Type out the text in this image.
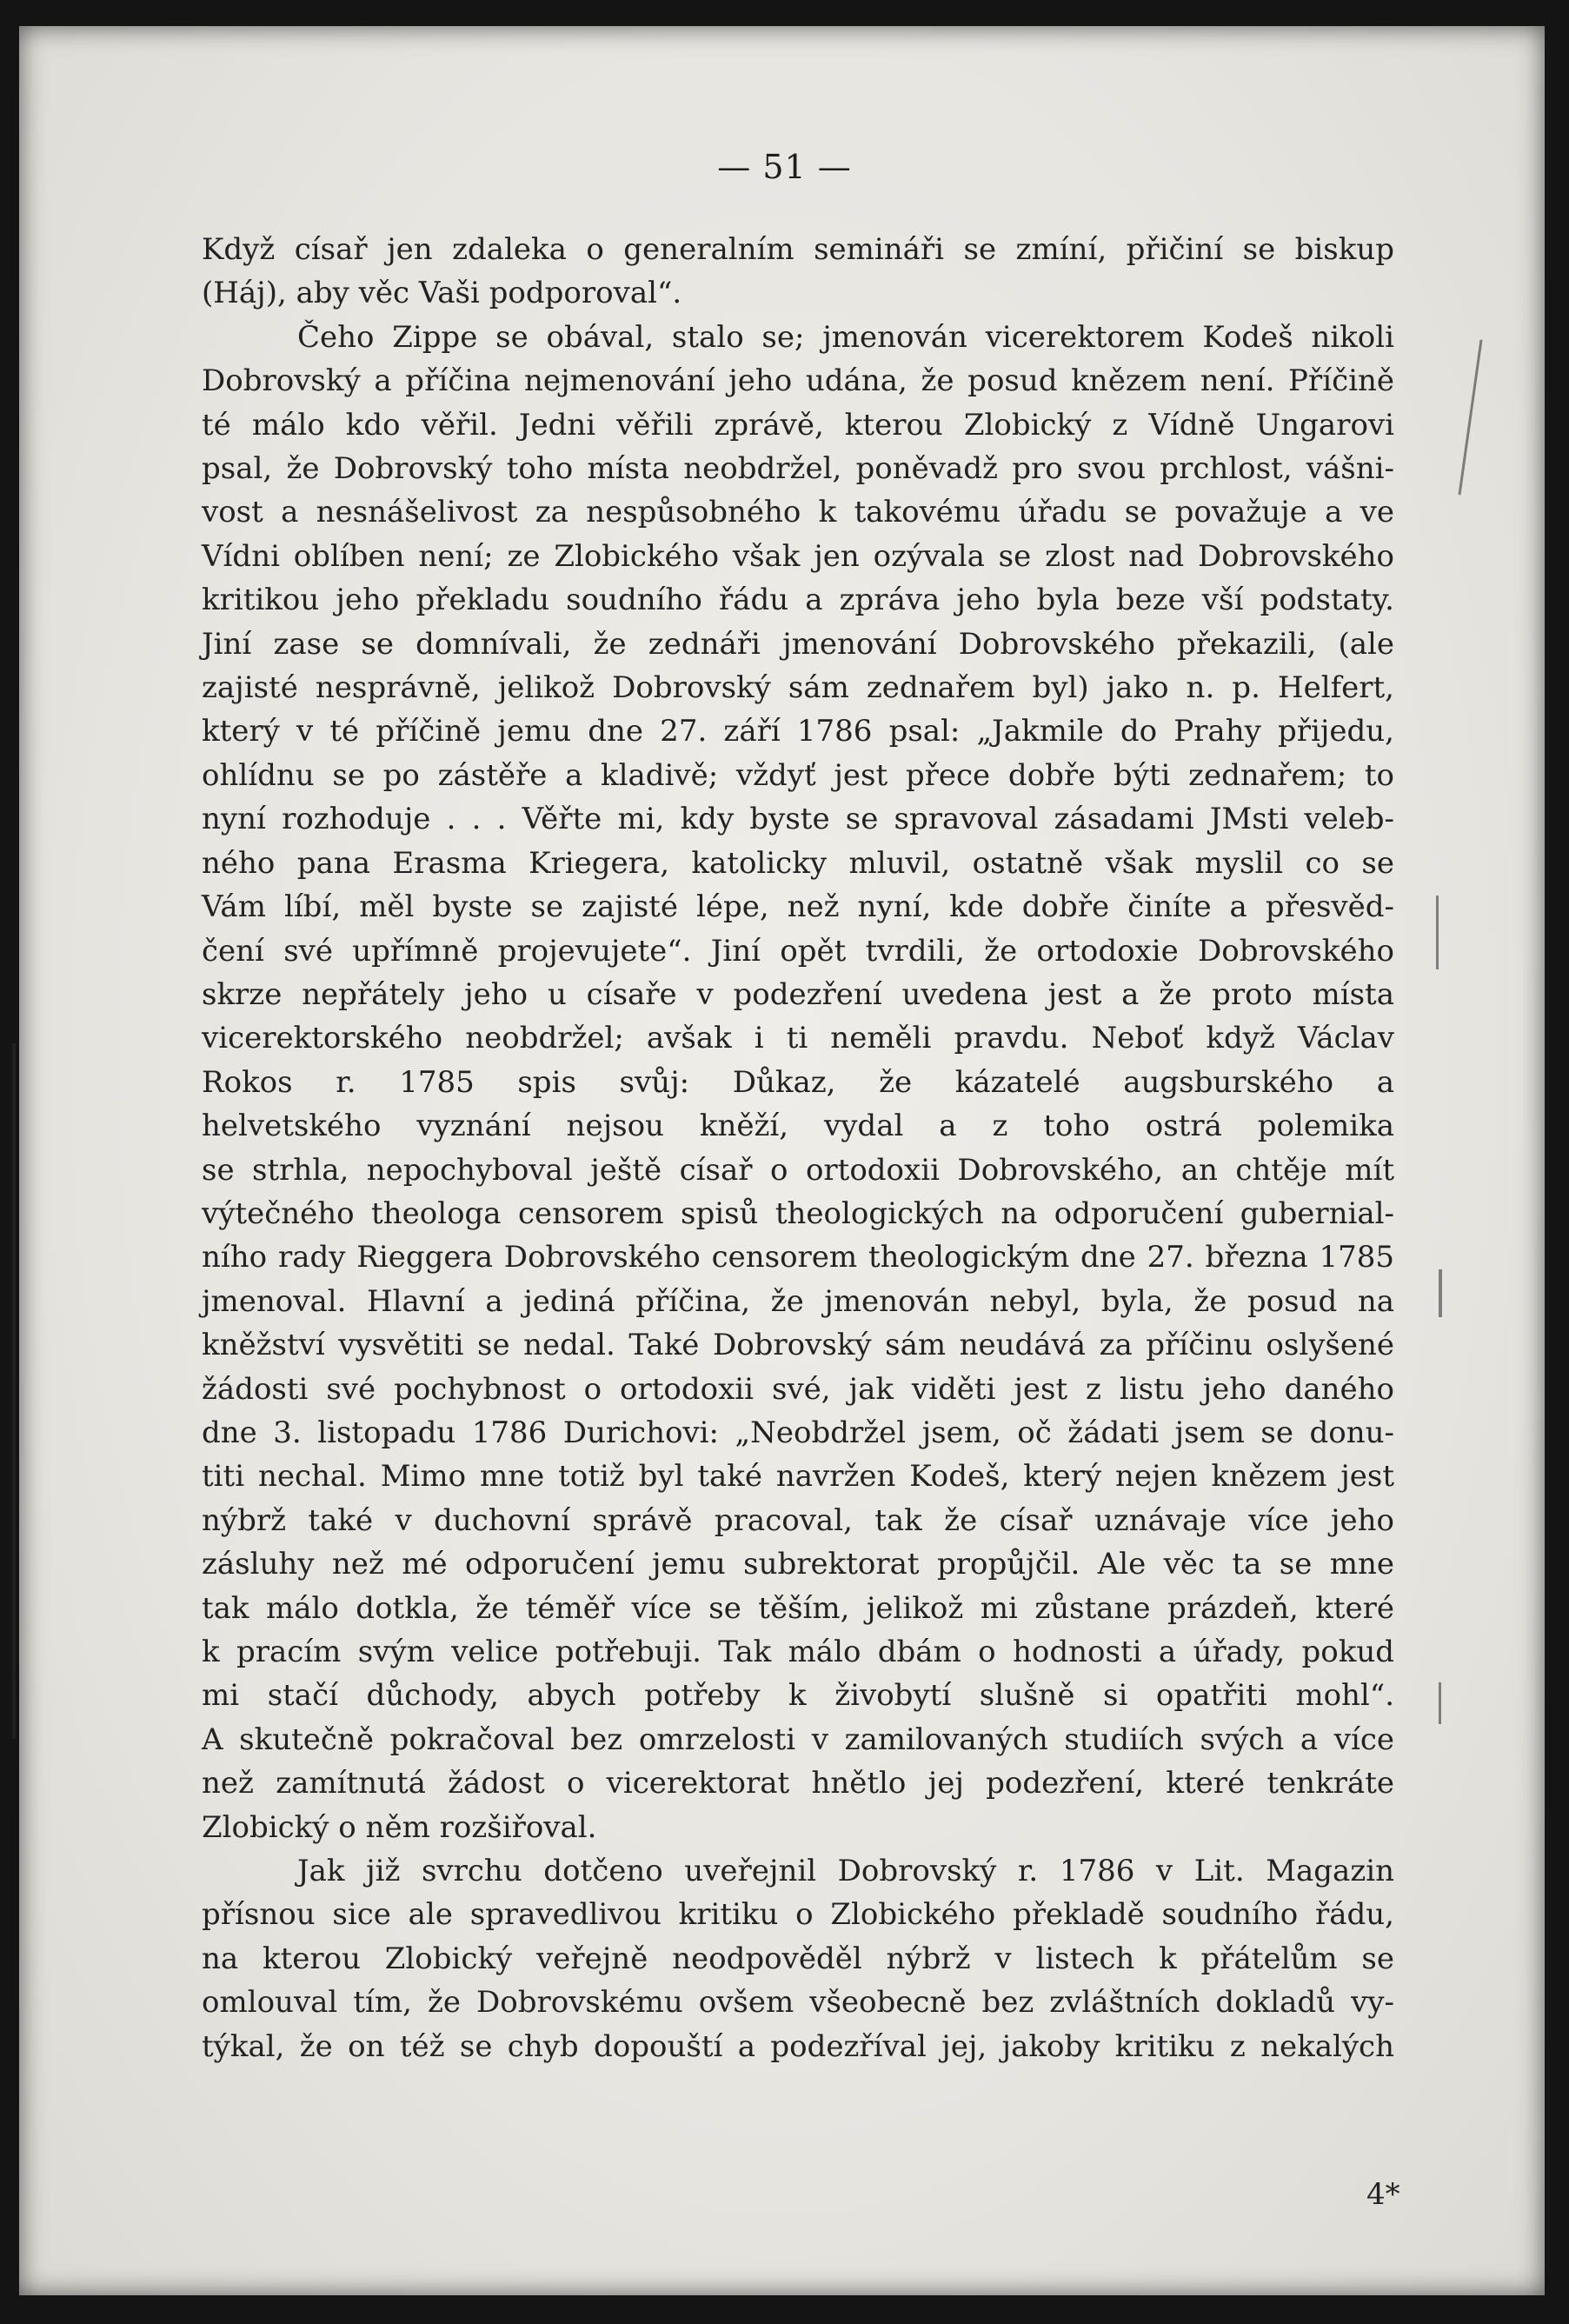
— 51 —
Když císař jen zdaleka o generalním semináři se zmíní, přičiní se biskup
(Háj), aby věc Vaši podporoval“.
Čeho Zippe se obával, stalo se; jmenován vicerektorem Kodeš nikoli
Dobrovský a příčina nejmenování jeho udána, že posud knězem není. Příčině
té málo kdo věřil. Jedni věřili zprávě, kterou Zlobický z Vídně Ungarovi
psal, že Dobrovský toho místa neobdržel, poněvadž pro svou prchlost, vášni-
vost a nesnášelivost za nespůsobného k takovému úřadu se považuje a ve
Vídni oblíben není; ze Zlobického však jen ozývala se zlost nad Dobrovského
kritikou jeho překladu soudního řádu a zpráva jeho byla beze vší podstaty.
Jiní zase se domnívali, že zednáři jmenování Dobrovského překazili, (ale
zajisté nesprávně, jelikož Dobrovský sám zednařem byl) jako n. p. Helfert,
který v té příčině jemu dne 27. září 1786 psal: „Jakmile do Prahy přijedu,
ohlídnu se po zástěře a kladivě; vždyť jest přece dobře býti zednařem; to
nyní rozhoduje . . . Věřte mi, kdy byste se spravoval zásadami JMsti veleb-
ného pana Erasma Kriegera, katolicky mluvil, ostatně však myslil co se
Vám líbí, měl byste se zajisté lépe, než nyní, kde dobře činíte a přesvěd-
čení své upřímně projevujete“. Jiní opět tvrdili, že ortodoxie Dobrovského
skrze nepřátely jeho u císaře v podezření uvedena jest a že proto místa
vicerektorského neobdržel; avšak i ti neměli pravdu. Neboť když Václav
Rokos r. 1785 spis svůj: Důkaz, že kázatelé augsburského a
helvetského vyznání nejsou kněží, vydal a z toho ostrá polemika
se strhla, nepochyboval ještě císař o ortodoxii Dobrovského, an chtěje mít
výtečného theologa censorem spisů theologických na odporučení gubernial-
ního rady Rieggera Dobrovského censorem theologickým dne 27. března 1785
jmenoval. Hlavní a jediná příčina, že jmenován nebyl, byla, že posud na
kněžství vysvětiti se nedal. Také Dobrovský sám neudává za příčinu oslyšené
žádosti své pochybnost o ortodoxii své, jak viděti jest z listu jeho daného
dne 3. listopadu 1786 Durichovi: „Neobdržel jsem, oč žádati jsem se donu-
titi nechal. Mimo mne totiž byl také navržen Kodeš, který nejen knězem jest
nýbrž také v duchovní správě pracoval, tak že císař uznávaje více jeho
zásluhy než mé odporučení jemu subrektorat propůjčil. Ale věc ta se mne
tak málo dotkla, že téměř více se těším, jelikož mi zůstane prázdeň, které
k pracím svým velice potřebuji. Tak málo dbám o hodnosti a úřady, pokud
mi stačí důchody, abych potřeby k živobytí slušně si opatřiti mohl“.
A skutečně pokračoval bez omrzelosti v zamilovaných studiích svých a více
než zamítnutá žádost o vicerektorat hnětlo jej podezření, které tenkráte
Zlobický o něm rozšiřoval.
Jak již svrchu dotčeno uveřejnil Dobrovský r. 1786 v Lit. Magazin
přísnou sice ale spravedlivou kritiku o Zlobického překladě soudního řádu,
na kterou Zlobický veřejně neodpověděl nýbrž v listech k přátelům se
omlouval tím, že Dobrovskému ovšem všeobecně bez zvláštních dokladů vy-
týkal, že on též se chyb dopouští a podezříval jej, jakoby kritiku z nekalých
4*
